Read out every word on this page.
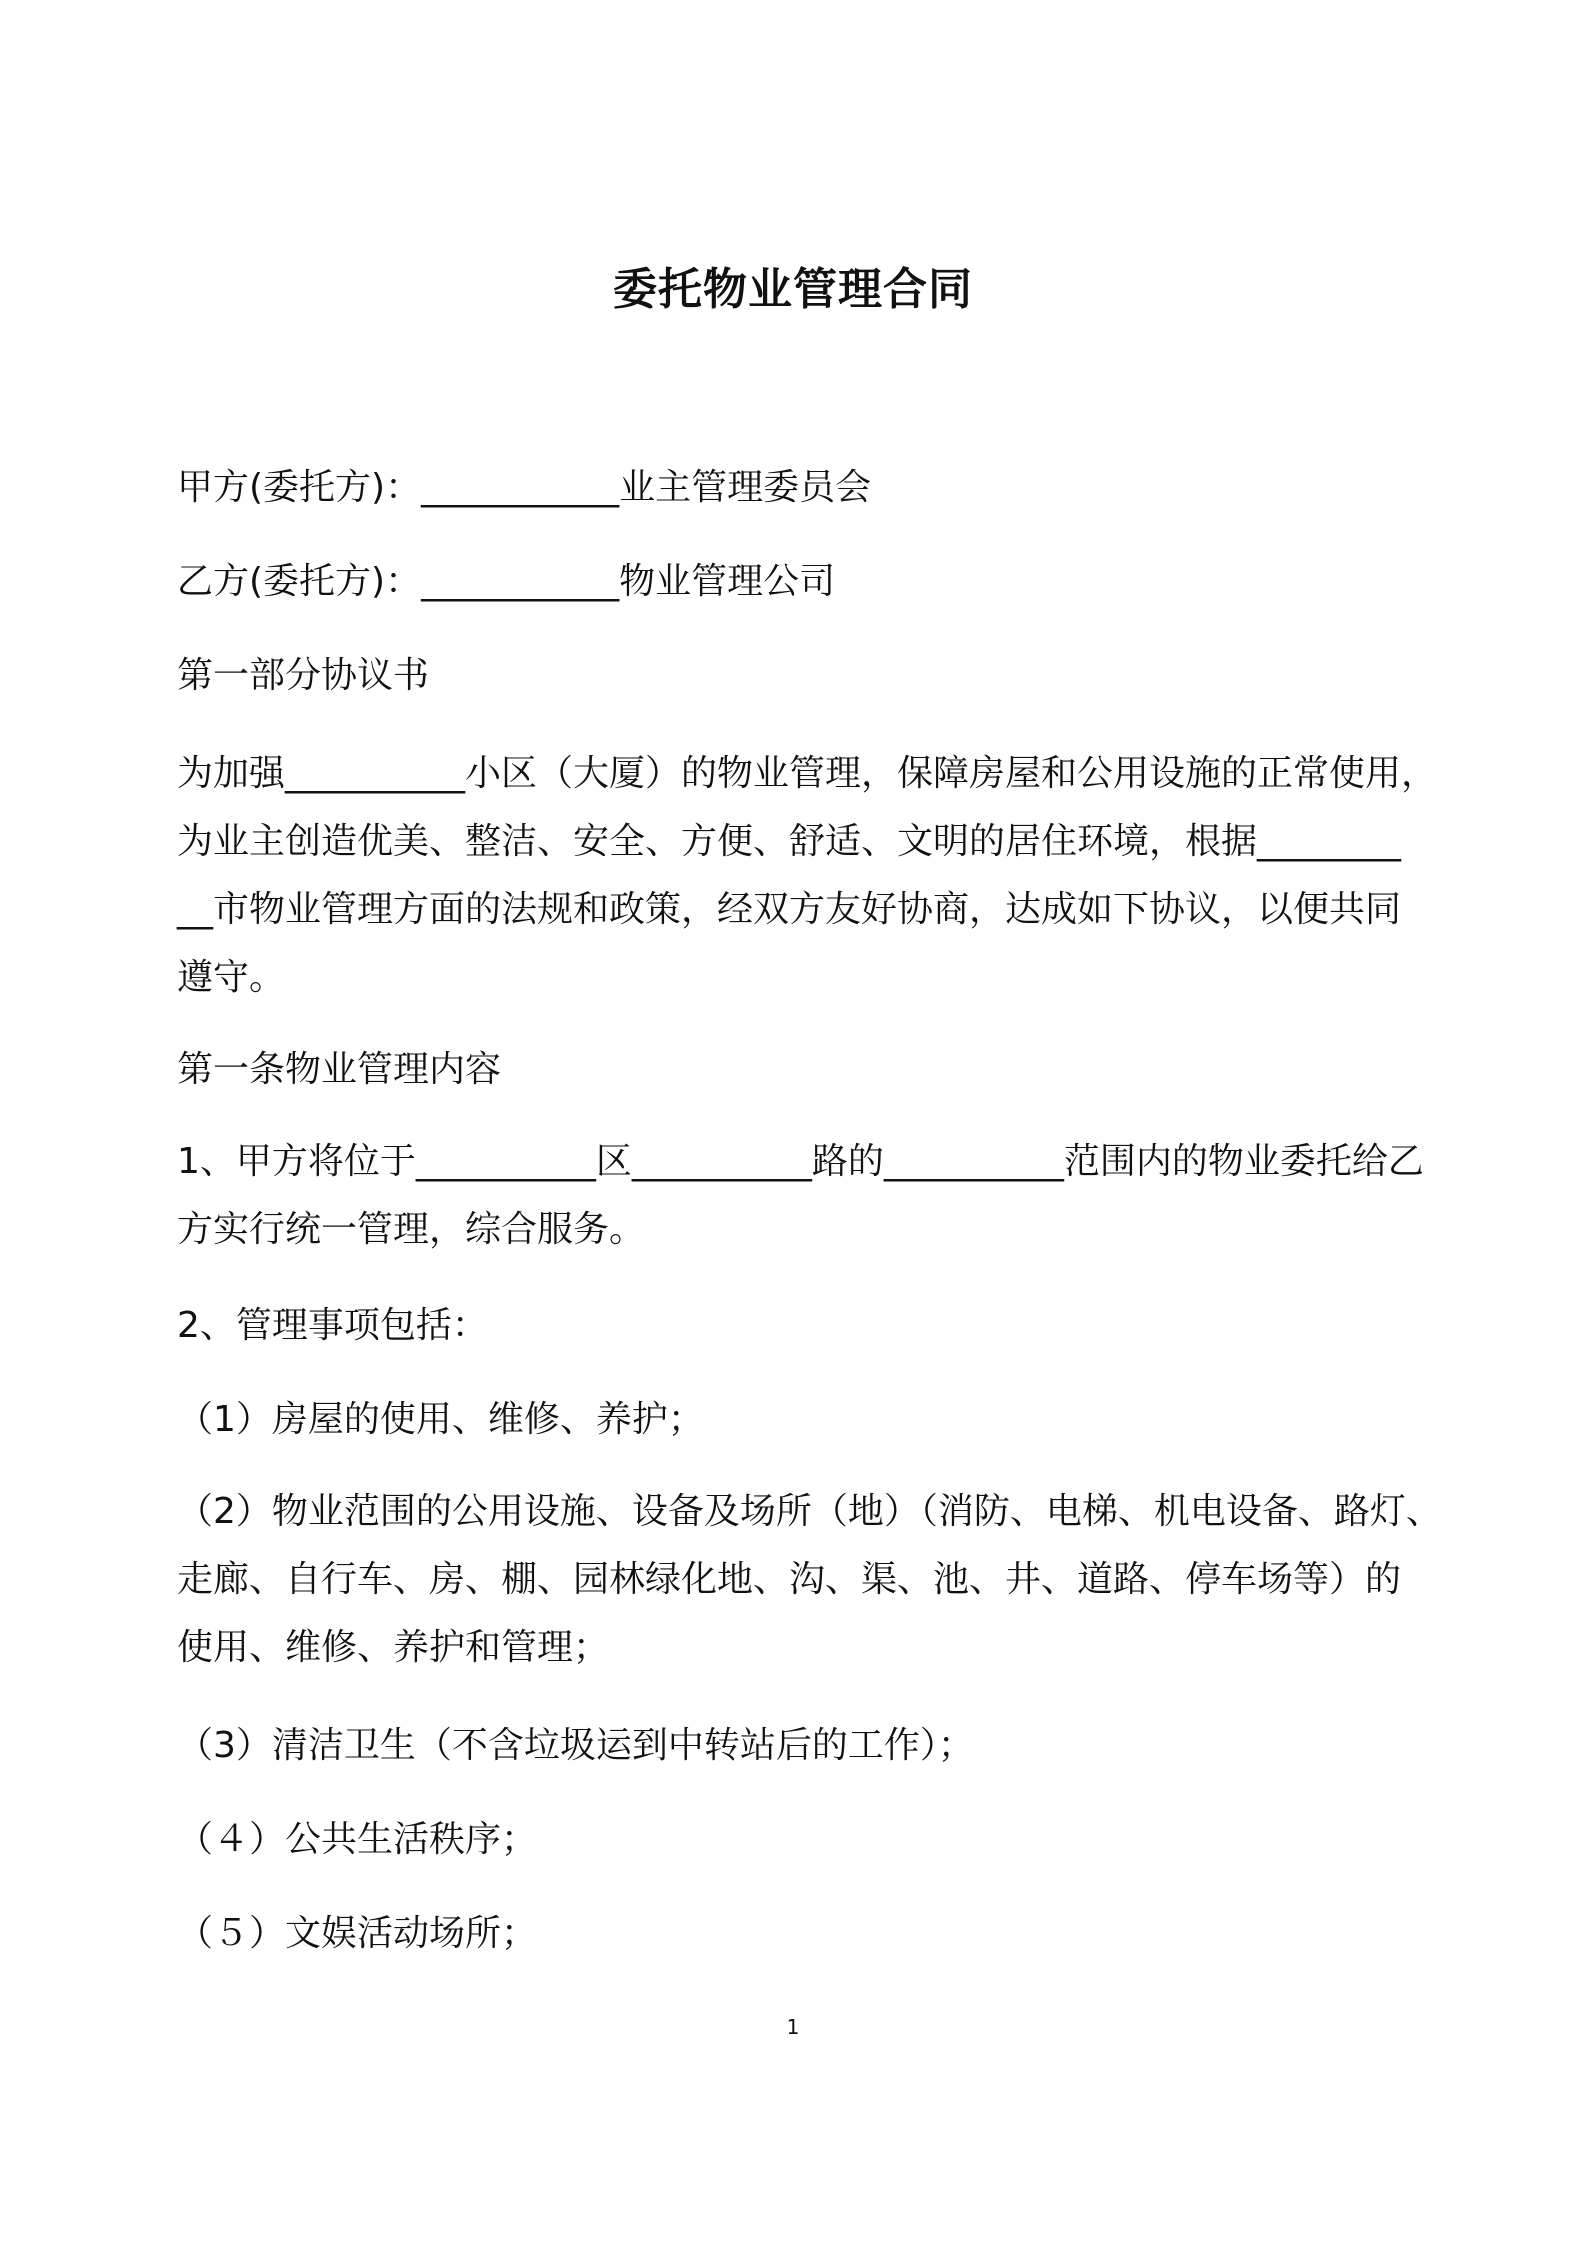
委托物业管理合同

甲方(委托方)：___________业主管理委员会

乙方(委托方)：___________物业管理公司

第一部分协议书

为加强__________小区（大厦）的物业管理，保障房屋和公用设施的正常使用，
为业主创造优美、整洁、安全、方便、舒适、文明的居住环境，根据________
__市物业管理方面的法规和政策，经双方友好协商，达成如下协议，以便共同
遵守。

第一条物业管理内容

1、甲方将位于__________区__________路的__________范围内的物业委托给乙
方实行统一管理，综合服务。

2、管理事项包括：

（1）房屋的使用、维修、养护；

（2）物业范围的公用设施、设备及场所（地）（消防、电梯、机电设备、路灯、
走廊、自行车、房、棚、园林绿化地、沟、渠、池、井、道路、停车场等）的
使用、维修、养护和管理；

（3）清洁卫生（不含垃圾运到中转站后的工作）；

（４）公共生活秩序；

（５）文娱活动场所；

1
